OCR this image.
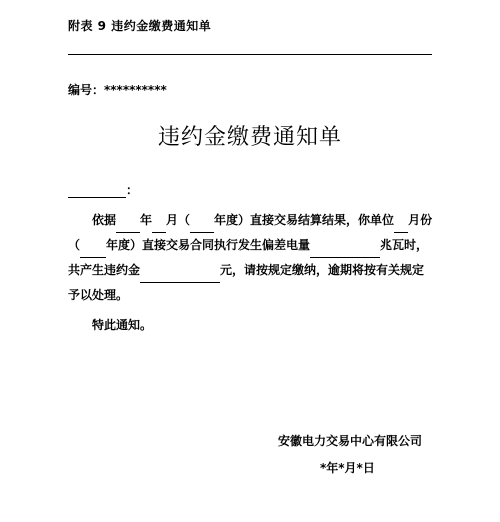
附表 9 违约金缴费通知单
编号：**********
违约金缴费通知单
：
依据 年 月（ 年度）直接交易结算结果，你单位 月份
（ 年度）直接交易合同执行发生偏差电量	兆瓦时，
共产生违约金	元，请按规定缴纳，逾期将按有关规定
予以处理。
特此通知。
安徽电力交易中心有限公司
*年*月*日
